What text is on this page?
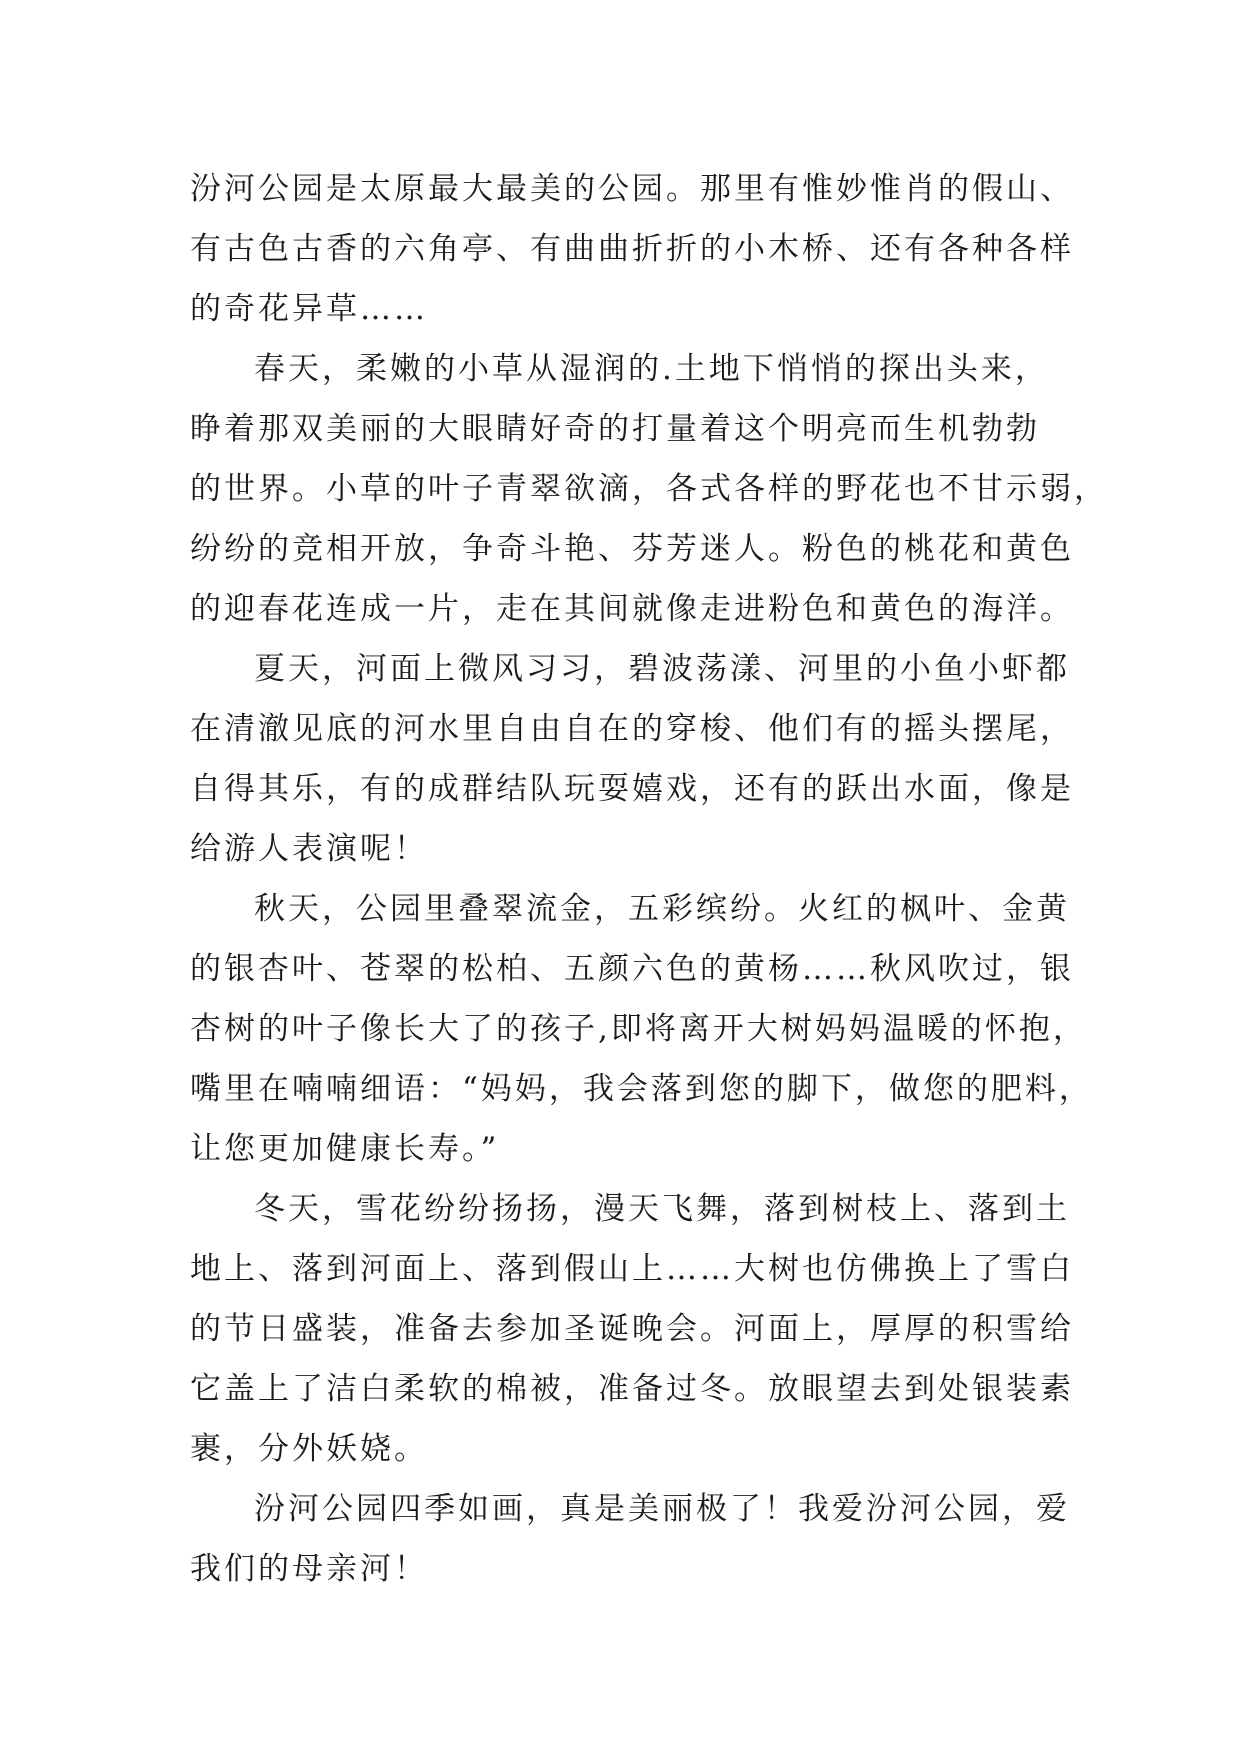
汾河公园是太原最大最美的公园。那里有惟妙惟肖的假山、
有古色古香的六角亭、有曲曲折折的小木桥、还有各种各样
的奇花异草……
春天，柔嫩的小草从湿润的.土地下悄悄的探出头来，
睁着那双美丽的大眼睛好奇的打量着这个明亮而生机勃勃
的世界。小草的叶子青翠欲滴，各式各样的野花也不甘示弱，
纷纷的竞相开放，争奇斗艳、芬芳迷人。粉色的桃花和黄色
的迎春花连成一片，走在其间就像走进粉色和黄色的海洋。
夏天，河面上微风习习，碧波荡漾、河里的小鱼小虾都
在清澈见底的河水里自由自在的穿梭、他们有的摇头摆尾，
自得其乐，有的成群结队玩耍嬉戏，还有的跃出水面，像是
给游人表演呢！
秋天，公园里叠翠流金，五彩缤纷。火红的枫叶、金黄
的银杏叶、苍翠的松柏、五颜六色的黄杨……秋风吹过，银
杏树的叶子像长大了的孩子,即将离开大树妈妈温暖的怀抱，
嘴里在喃喃细语：“妈妈，我会落到您的脚下，做您的肥料，
让您更加健康长寿。”
冬天，雪花纷纷扬扬，漫天飞舞，落到树枝上、落到土
地上、落到河面上、落到假山上……大树也仿佛换上了雪白
的节日盛装，准备去参加圣诞晚会。河面上，厚厚的积雪给
它盖上了洁白柔软的棉被，准备过冬。放眼望去到处银装素
裹，分外妖娆。
汾河公园四季如画，真是美丽极了！我爱汾河公园，爱
我们的母亲河！
